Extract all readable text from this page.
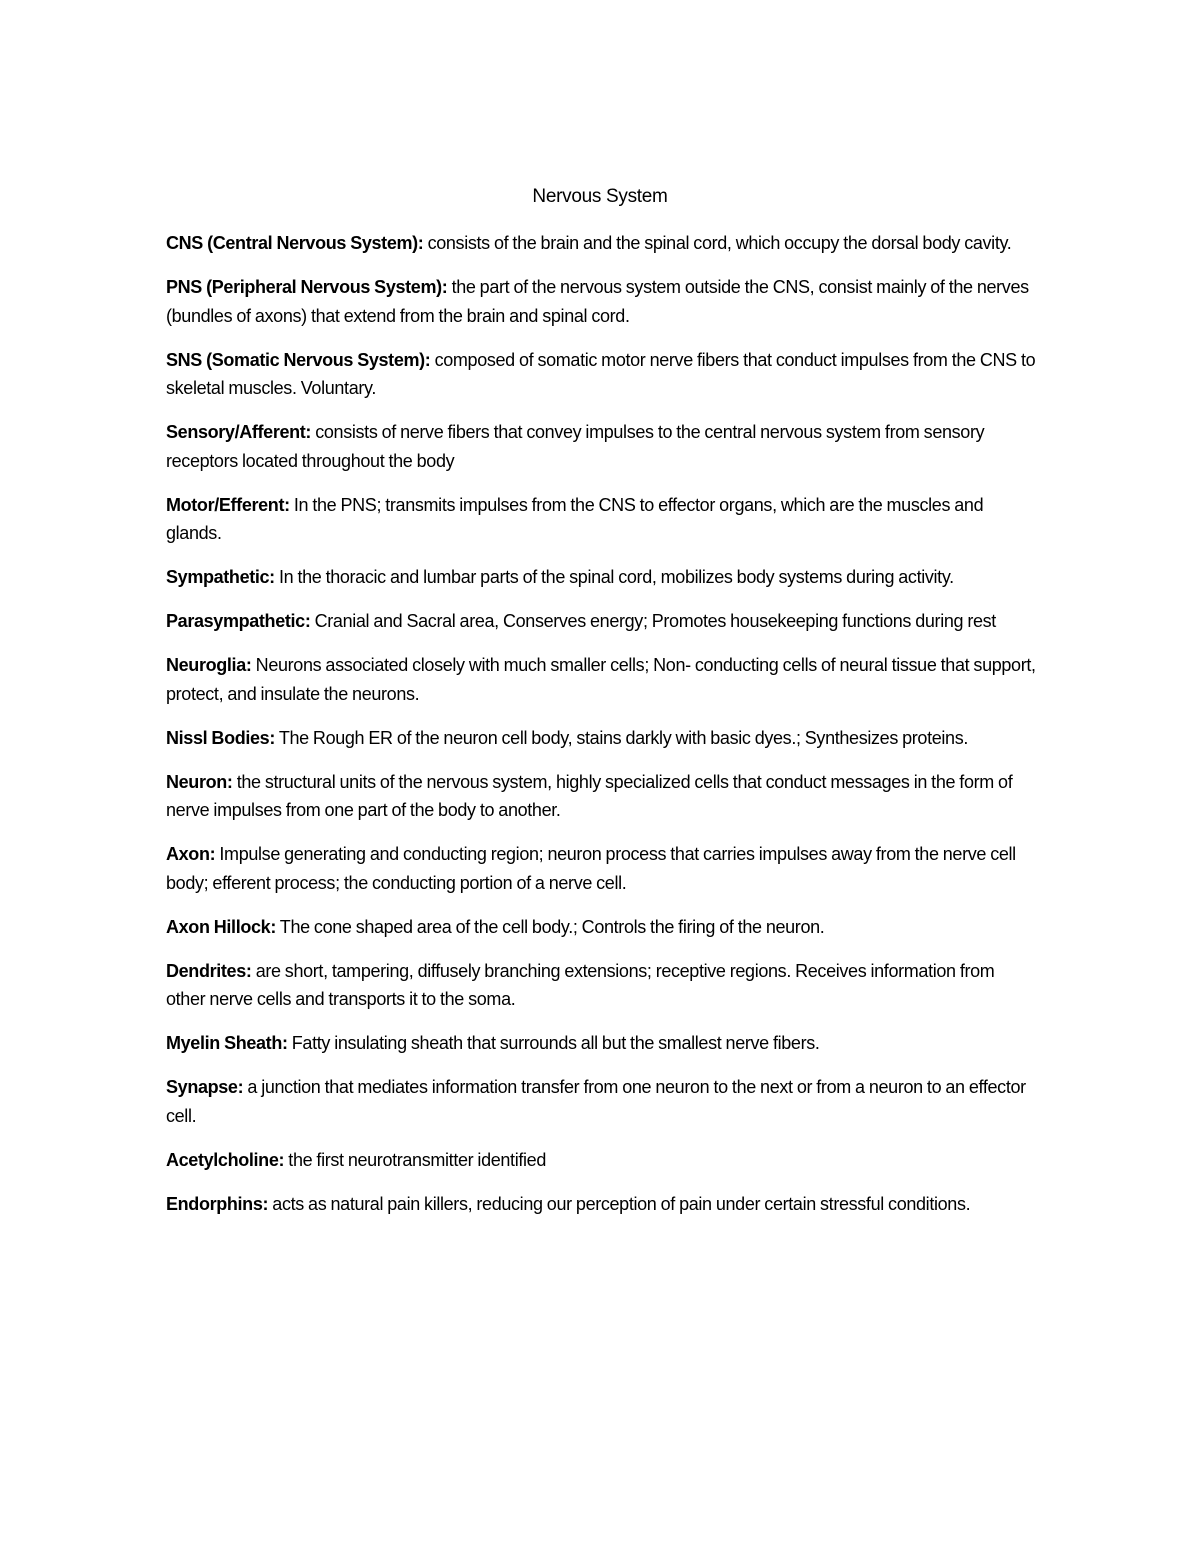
Nervous System
CNS (Central Nervous System): consists of the brain and the spinal cord, which occupy the dorsal body cavity.
PNS (Peripheral Nervous System): the part of the nervous system outside the CNS, consist mainly of the nerves (bundles of axons) that extend from the brain and spinal cord.
SNS (Somatic Nervous System): composed of somatic motor nerve fibers that conduct impulses from the CNS to skeletal muscles. Voluntary.
Sensory/Afferent: consists of nerve fibers that convey impulses to the central nervous system from sensory receptors located throughout the body
Motor/Efferent: In the PNS; transmits impulses from the CNS to effector organs, which are the muscles and glands.
Sympathetic: In the thoracic and lumbar parts of the spinal cord, mobilizes body systems during activity.
Parasympathetic: Cranial and Sacral area, Conserves energy; Promotes housekeeping functions during rest
Neuroglia: Neurons associated closely with much smaller cells; Non- conducting cells of neural tissue that support, protect, and insulate the neurons.
Nissl Bodies: The Rough ER of the neuron cell body, stains darkly with basic dyes.; Synthesizes proteins.
Neuron: the structural units of the nervous system, highly specialized cells that conduct messages in the form of nerve impulses from one part of the body to another.
Axon: Impulse generating and conducting region; neuron process that carries impulses away from the nerve cell body; efferent process; the conducting portion of a nerve cell.
Axon Hillock: The cone shaped area of the cell body.; Controls the firing of the neuron.
Dendrites: are short, tampering, diffusely branching extensions; receptive regions. Receives information from other nerve cells and transports it to the soma.
Myelin Sheath: Fatty insulating sheath that surrounds all but the smallest nerve fibers.
Synapse: a junction that mediates information transfer from one neuron to the next or from a neuron to an effector cell.
Acetylcholine: the first neurotransmitter identified
Endorphins: acts as natural pain killers, reducing our perception of pain under certain stressful conditions.
